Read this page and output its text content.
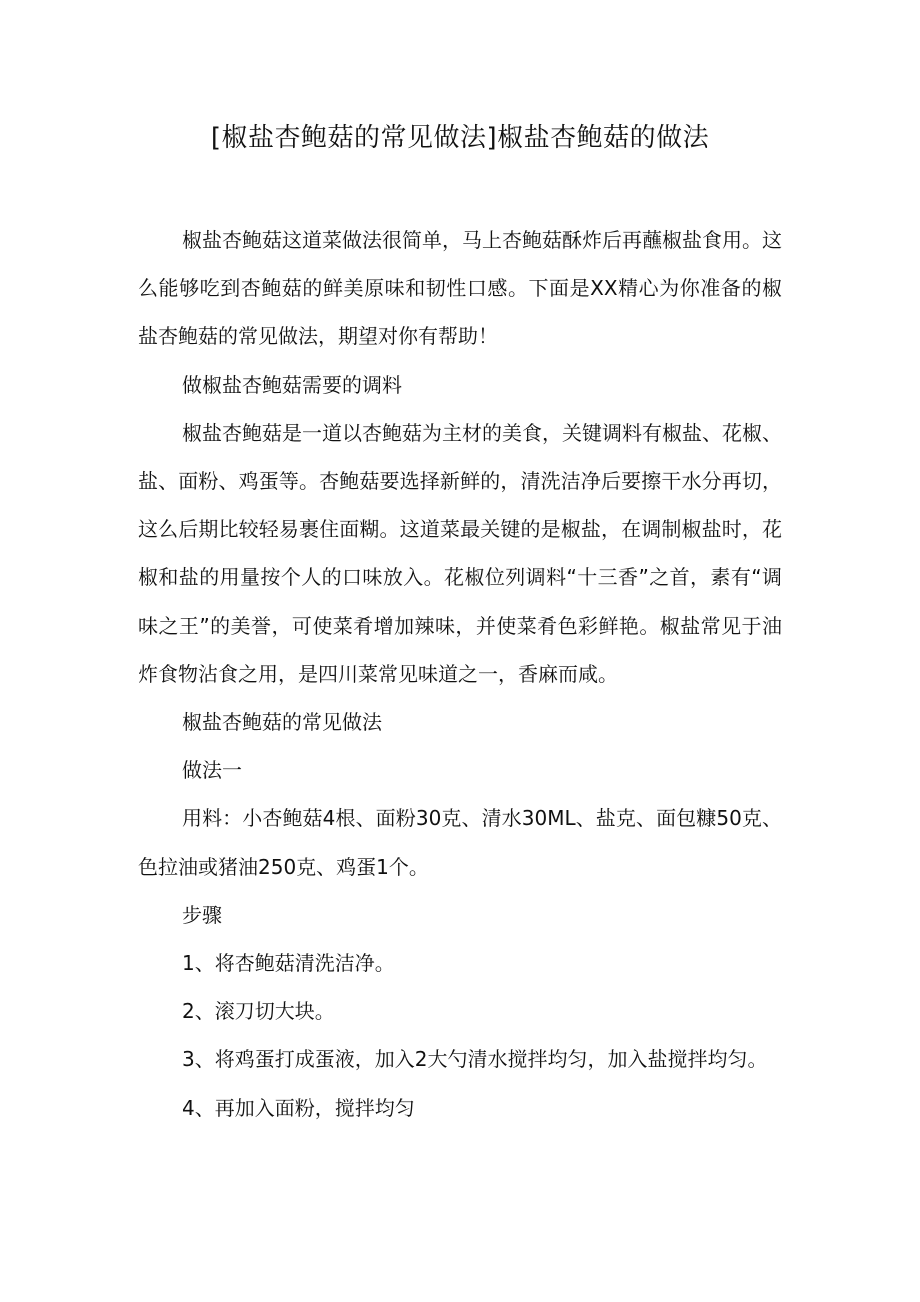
[椒盐杏鲍菇的常见做法]椒盐杏鲍菇的做法

椒盐杏鲍菇这道菜做法很简单，马上杏鲍菇酥炸后再蘸椒盐食用。这么能够吃到杏鲍菇的鲜美原味和韧性口感。下面是XX精心为你准备的椒盐杏鲍菇的常见做法，期望对你有帮助！

做椒盐杏鲍菇需要的调料

椒盐杏鲍菇是一道以杏鲍菇为主材的美食，关键调料有椒盐、花椒、盐、面粉、鸡蛋等。杏鲍菇要选择新鲜的，清洗洁净后要擦干水分再切，这么后期比较轻易裹住面糊。这道菜最关键的是椒盐，在调制椒盐时，花椒和盐的用量按个人的口味放入。花椒位列调料“十三香”之首，素有“调味之王”的美誉，可使菜肴增加辣味，并使菜肴色彩鲜艳。椒盐常见于油炸食物沾食之用，是四川菜常见味道之一，香麻而咸。

椒盐杏鲍菇的常见做法

做法一

用料：小杏鲍菇4根、面粉30克、清水30ML、盐克、面包糠50克、色拉油或猪油250克、鸡蛋1个。

步骤

1、将杏鲍菇清洗洁净。

2、滚刀切大块。

3、将鸡蛋打成蛋液，加入2大勺清水搅拌均匀，加入盐搅拌均匀。

4、再加入面粉，搅拌均匀
